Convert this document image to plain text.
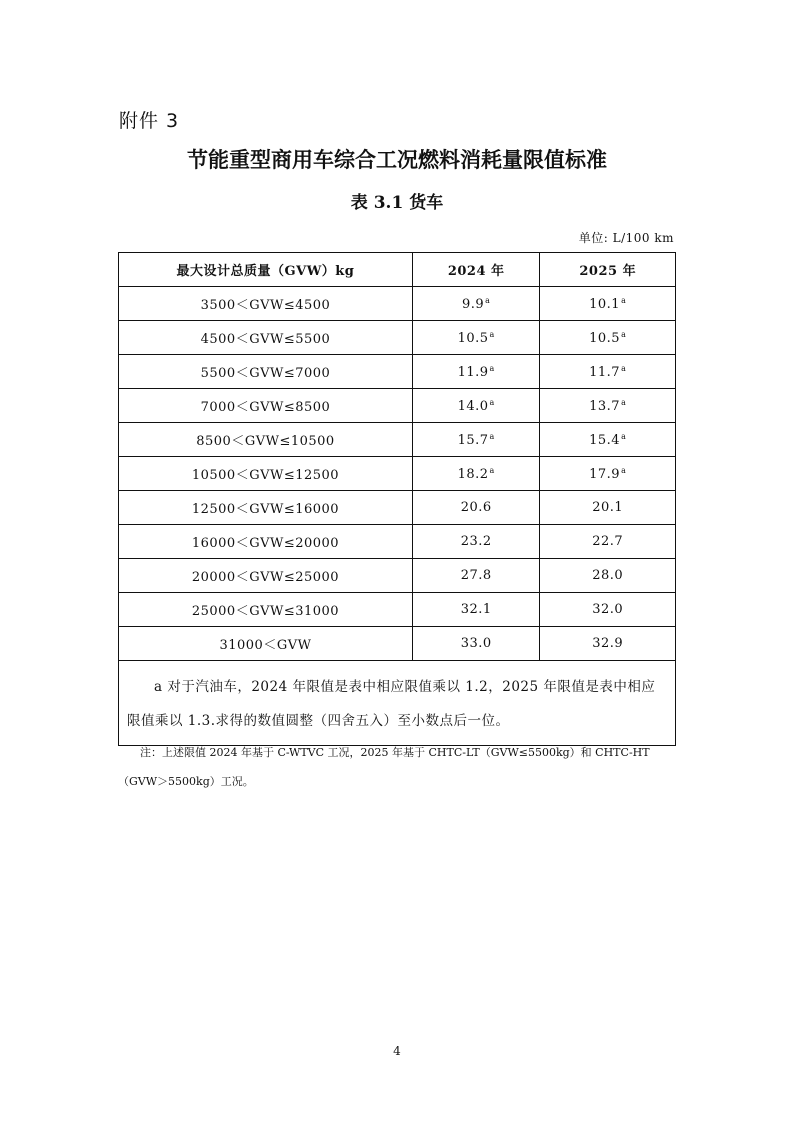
附件 3
节能重型商用车综合工况燃料消耗量限值标准
表 3.1 货车
单位: L/100 km
最大设计总质量（GVW）kg	2024 年	2025 年
3500＜GVW≤4500	9.9$^a$	10.1$^a$
4500＜GVW≤5500	10.5$^a$	10.5$^a$
5500＜GVW≤7000	11.9$^a$	11.7$^a$
7000＜GVW≤8500	14.0$^a$	13.7$^a$
8500＜GVW≤10500	15.7$^a$	15.4$^a$
10500＜GVW≤12500	18.2$^a$	17.9$^a$
12500＜GVW≤16000	20.6	20.1
16000＜GVW≤20000	23.2	22.7
20000＜GVW≤25000	27.8	28.0
25000＜GVW≤31000	32.1	32.0
31000＜GVW	33.0	32.9
a 对于汽油车，2024 年限值是表中相应限值乘以 1.2，2025 年限值是表中相应限值乘以 1.3.求得的数值圆整（四舍五入）至小数点后一位。		
注：上述限值 2024 年基于 C-WTVC 工况，2025 年基于 CHTC-LT（GVW≤5500kg）和 CHTC-HT（GVW＞5500kg）工况。
4
